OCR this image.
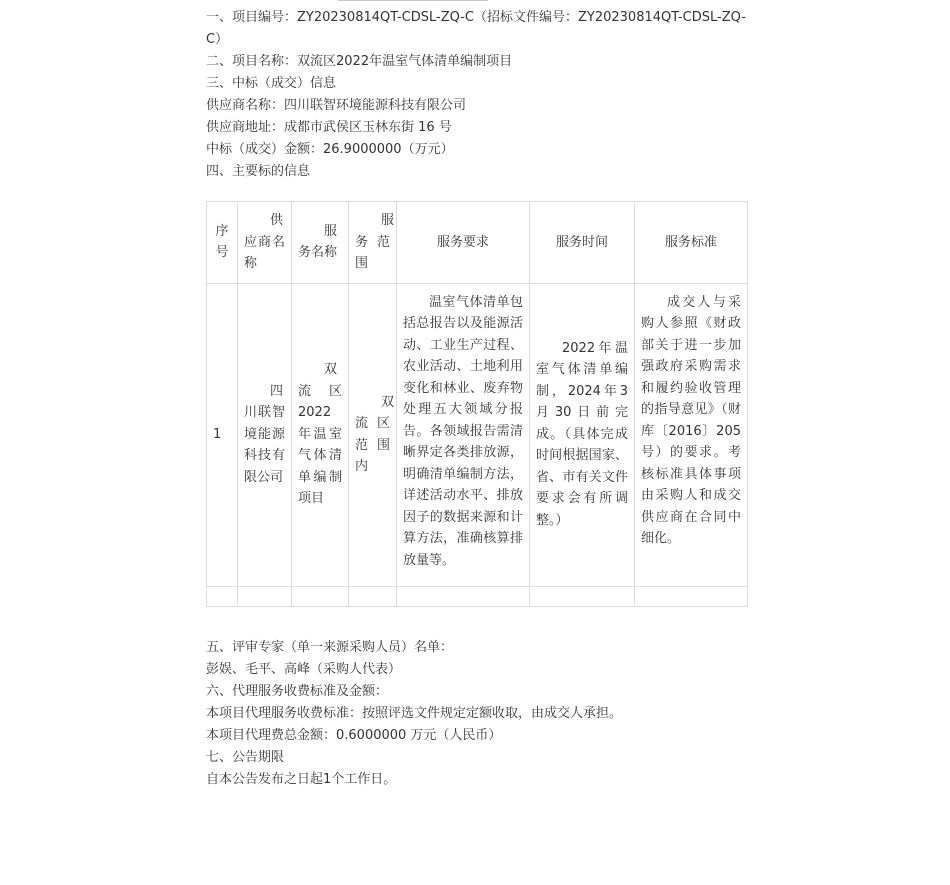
一、项目编号：ZY20230814QT-CDSL-ZQ-C（招标文件编号：ZY20230814QT-CDSL-ZQ-C）
二、项目名称：双流区2022年温室气体清单编制项目
三、中标（成交）信息
供应商名称：四川联智环境能源科技有限公司
供应商地址：成都市武侯区玉林东街 16 号
中标（成交）金额：26.9000000（万元）
四、主要标的信息
序号	供应商名称	服务名称	服务范围	服务要求	服务时间	服务标准
1	四川联智境能源科技有限公司	双流区2022年温室气体清单编制项目	双流区范围内	温室气体清单包括总报告以及能源活动、工业生产过程、农业活动、土地利用变化和林业、废弃物处理五大领域分报告。各领域报告需清晰界定各类排放源，明确清单编制方法，详述活动水平、排放因子的数据来源和计算方法，准确核算排放量等。	2022年温室气体清单编制，2024年3月30日前完成。（具体完成时间根据国家、省、市有关文件要求会有所调整。）	成交人与采购人参照《财政部关于进一步加强政府采购需求和履约验收管理的指导意见》（财库〔2016〕205号）的要求。考核标准具体事项由采购人和成交供应商在合同中细化。

五、评审专家（单一来源采购人员）名单：
彭娱、毛平、高峰（采购人代表）
六、代理服务收费标准及金额：
本项目代理服务收费标准：按照评选文件规定定额收取，由成交人承担。
本项目代理费总金额：0.6000000 万元（人民币）
七、公告期限
自本公告发布之日起1个工作日。
